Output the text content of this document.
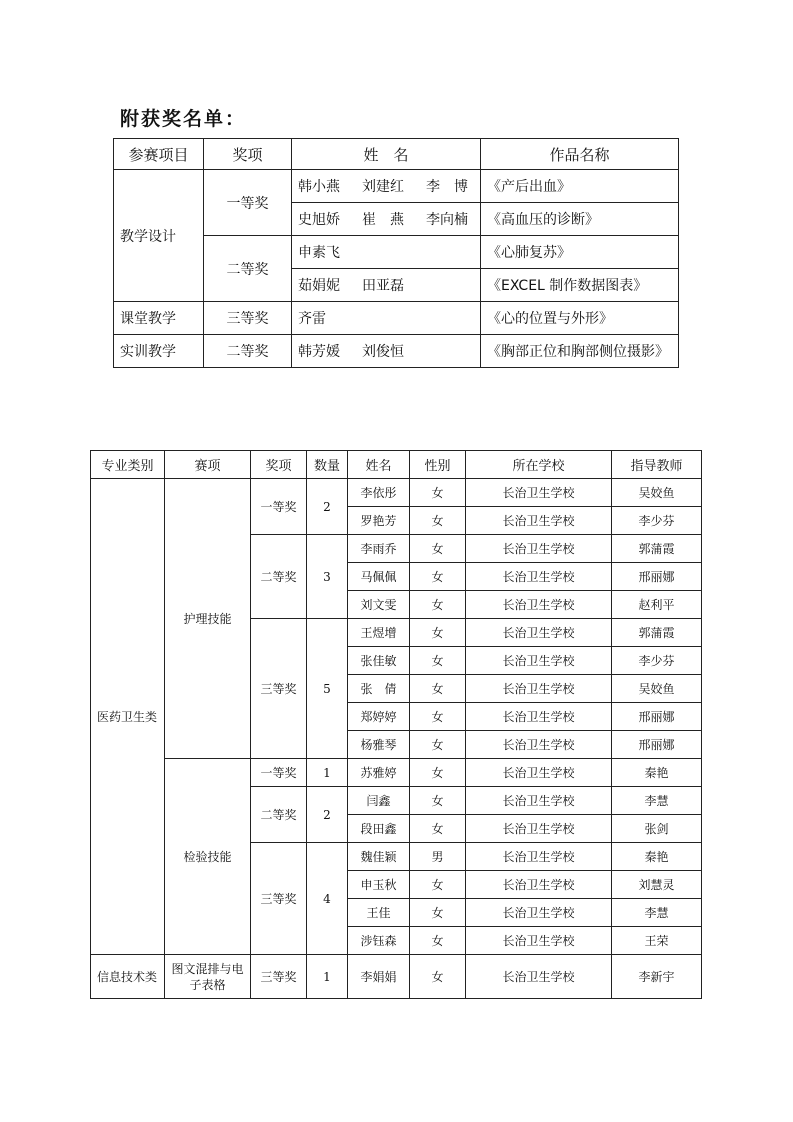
附获奖名单：
参赛项目	奖项	姓　名	作品名称
教学设计	一等奖	韩小燕 刘建红 李　博	《产后出血》
		史旭娇 崔　燕 李向楠	《高血压的诊断》
	二等奖	申素飞	《心肺复苏》
		茹娟妮 田亚磊	《EXCEL 制作数据图表》
课堂教学	三等奖	齐雷	《心的位置与外形》
实训教学	二等奖	韩芳媛 刘俊恒	《胸部正位和胸部侧位摄影》
专业类别	赛项	奖项	数量	姓名	性别	所在学校	指导教师
医药卫生类	护理技能	一等奖	2	李依彤	女	长治卫生学校	吴姣鱼
				罗艳芳	女	长治卫生学校	李少芬
		二等奖	3	李雨乔	女	长治卫生学校	郭蒲霞
				马佩佩	女	长治卫生学校	邢丽娜
				刘文雯	女	长治卫生学校	赵利平
		三等奖	5	王煜增	女	长治卫生学校	郭蒲霞
				张佳敏	女	长治卫生学校	李少芬
				张　倩	女	长治卫生学校	吴姣鱼
				郑婷婷	女	长治卫生学校	邢丽娜
				杨雅琴	女	长治卫生学校	邢丽娜
	检验技能	一等奖	1	苏雅婷	女	长治卫生学校	秦艳
		二等奖	2	闫鑫	女	长治卫生学校	李慧
				段田鑫	女	长治卫生学校	张剑
		三等奖	4	魏佳颖	男	长治卫生学校	秦艳
				申玉秋	女	长治卫生学校	刘慧灵
				王佳	女	长治卫生学校	李慧
				涉钰森	女	长治卫生学校	王荣
信息技术类	图文混排与电子表格	三等奖	1	李娟娟	女	长治卫生学校	李新宇
